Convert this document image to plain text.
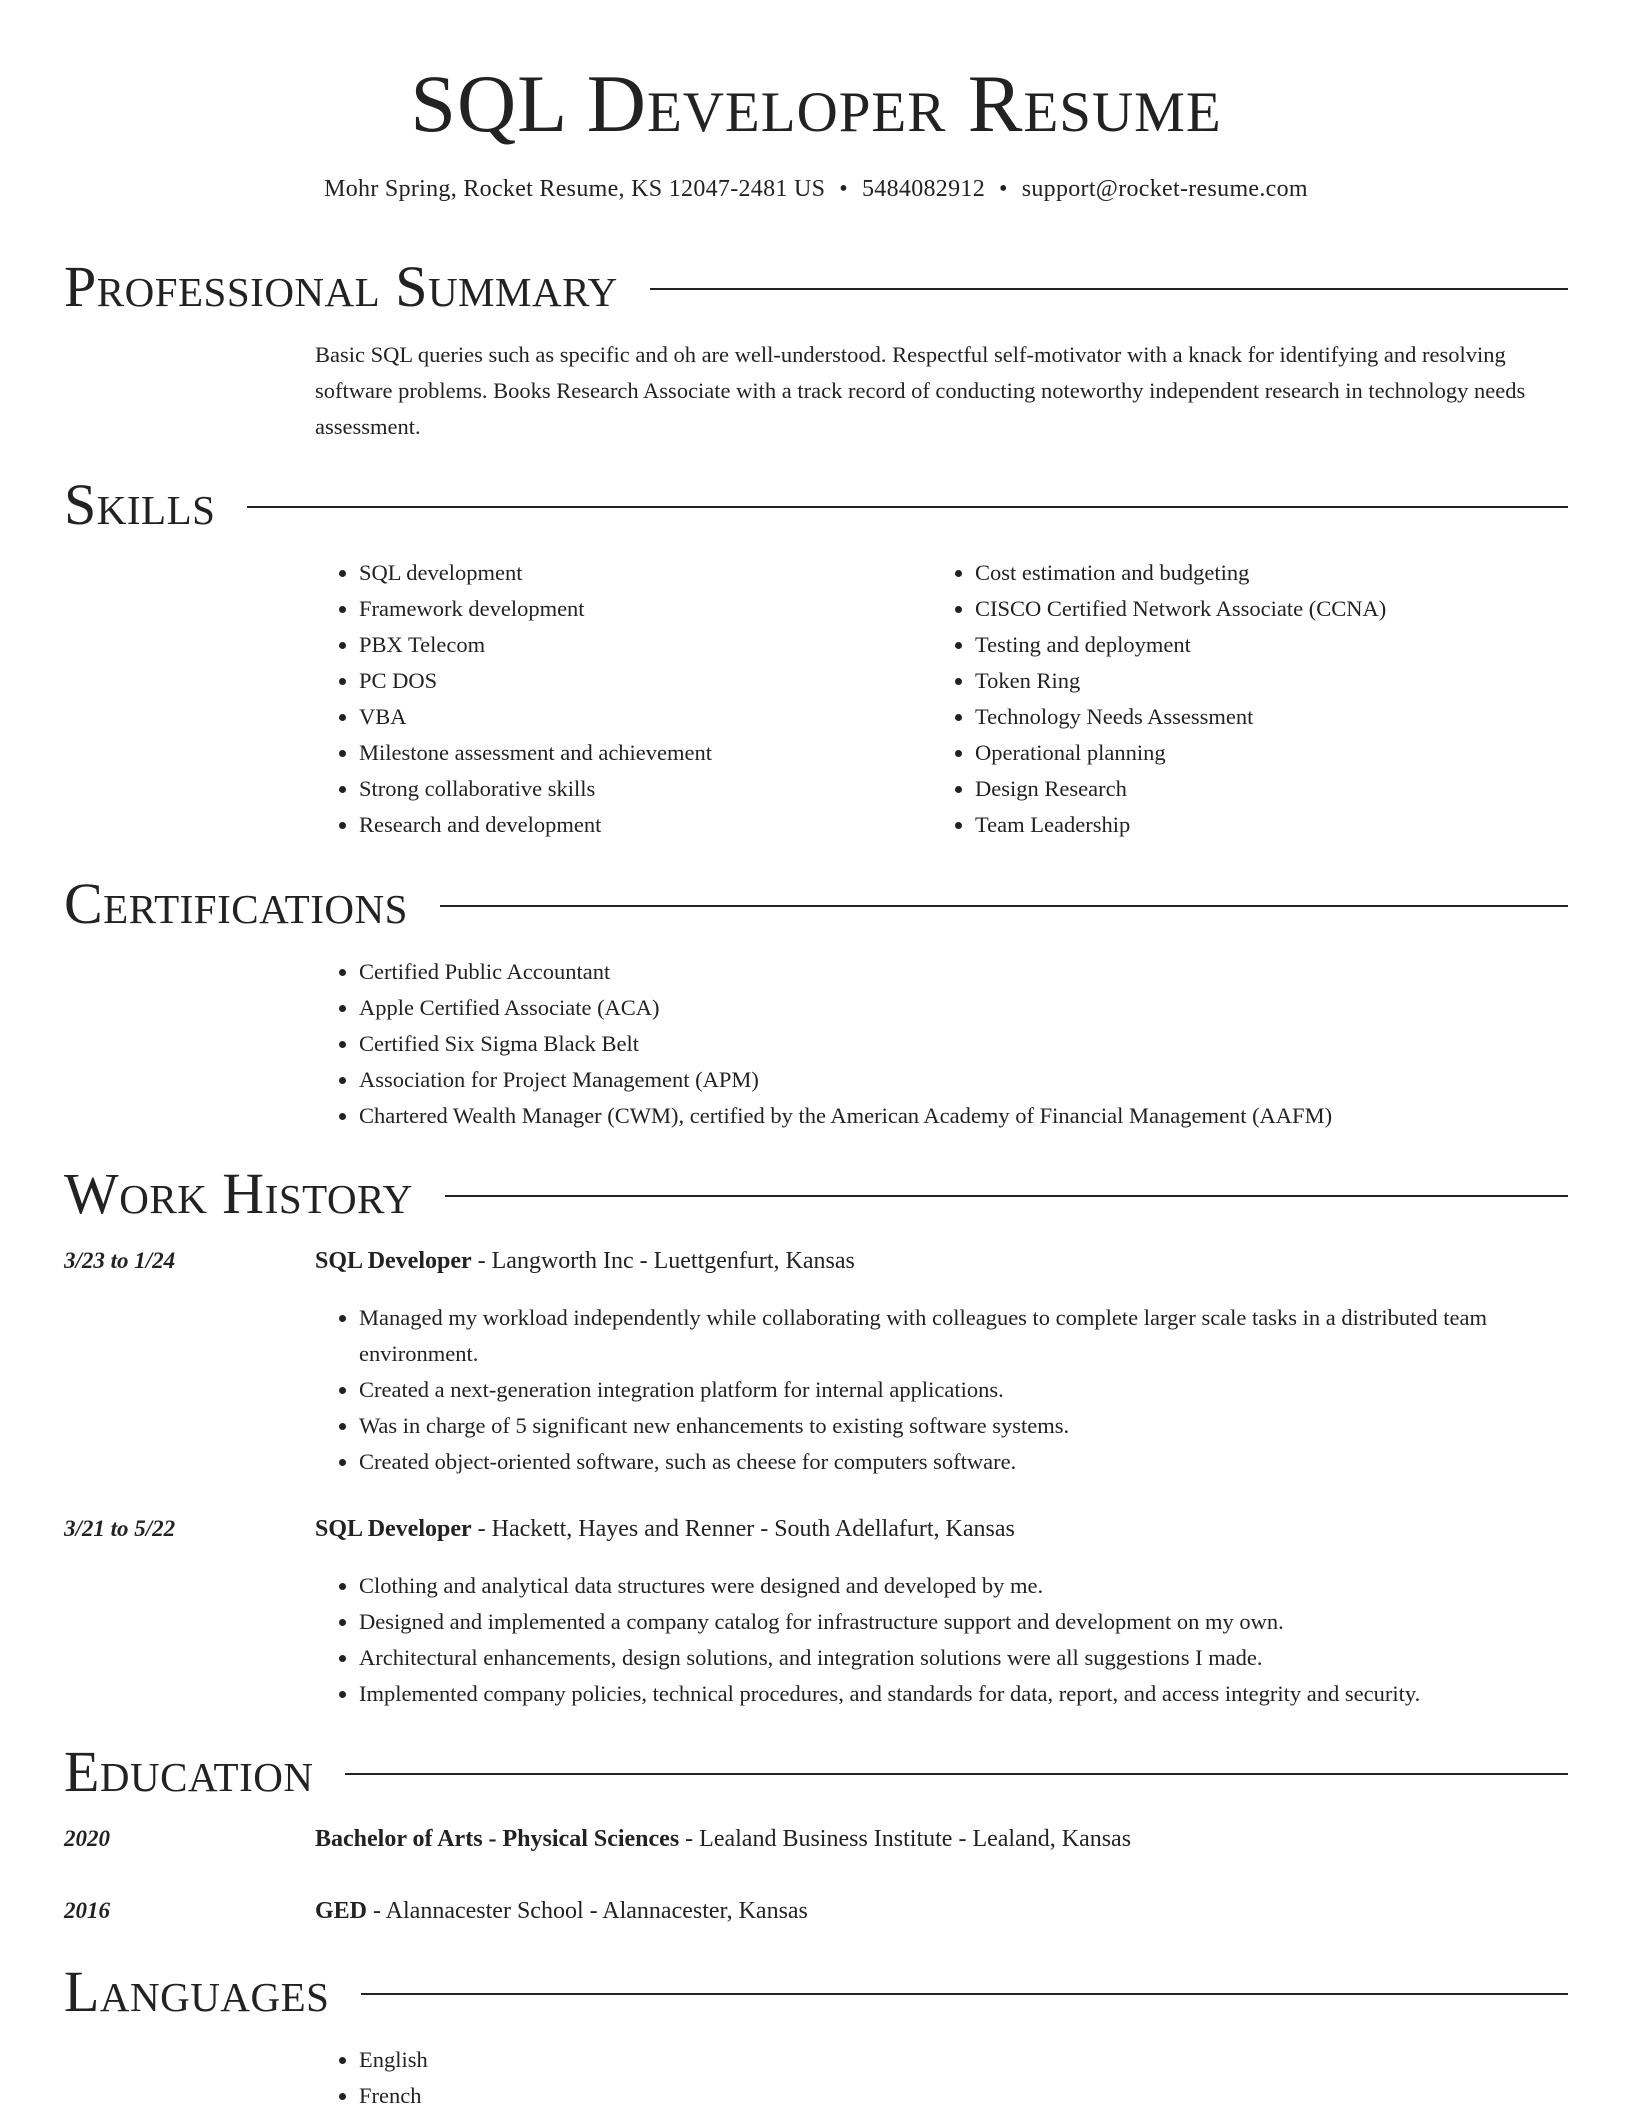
SQL Developer Resume
Mohr Spring, Rocket Resume, KS 12047-2481 US • 5484082912 • support@rocket-resume.com
Professional Summary
Basic SQL queries such as specific and oh are well-understood. Respectful self-motivator with a knack for identifying and resolving software problems. Books Research Associate with a track record of conducting noteworthy independent research in technology needs assessment.
Skills
• SQL development
• Framework development
• PBX Telecom
• PC DOS
• VBA
• Milestone assessment and achievement
• Strong collaborative skills
• Research and development
• Cost estimation and budgeting
• CISCO Certified Network Associate (CCNA)
• Testing and deployment
• Token Ring
• Technology Needs Assessment
• Operational planning
• Design Research
• Team Leadership
Certifications
• Certified Public Accountant
• Apple Certified Associate (ACA)
• Certified Six Sigma Black Belt
• Association for Project Management (APM)
• Chartered Wealth Manager (CWM), certified by the American Academy of Financial Management (AAFM)
Work History
3/23 to 1/24	SQL Developer - Langworth Inc - Luettgenfurt, Kansas
• Managed my workload independently while collaborating with colleagues to complete larger scale tasks in a distributed team environment.
• Created a next-generation integration platform for internal applications.
• Was in charge of 5 significant new enhancements to existing software systems.
• Created object-oriented software, such as cheese for computers software.
3/21 to 5/22	SQL Developer - Hackett, Hayes and Renner - South Adellafurt, Kansas
• Clothing and analytical data structures were designed and developed by me.
• Designed and implemented a company catalog for infrastructure support and development on my own.
• Architectural enhancements, design solutions, and integration solutions were all suggestions I made.
• Implemented company policies, technical procedures, and standards for data, report, and access integrity and security.
Education
2020	Bachelor of Arts - Physical Sciences - Lealand Business Institute - Lealand, Kansas
2016	GED - Alannacester School - Alannacester, Kansas
Languages
• English
• French
